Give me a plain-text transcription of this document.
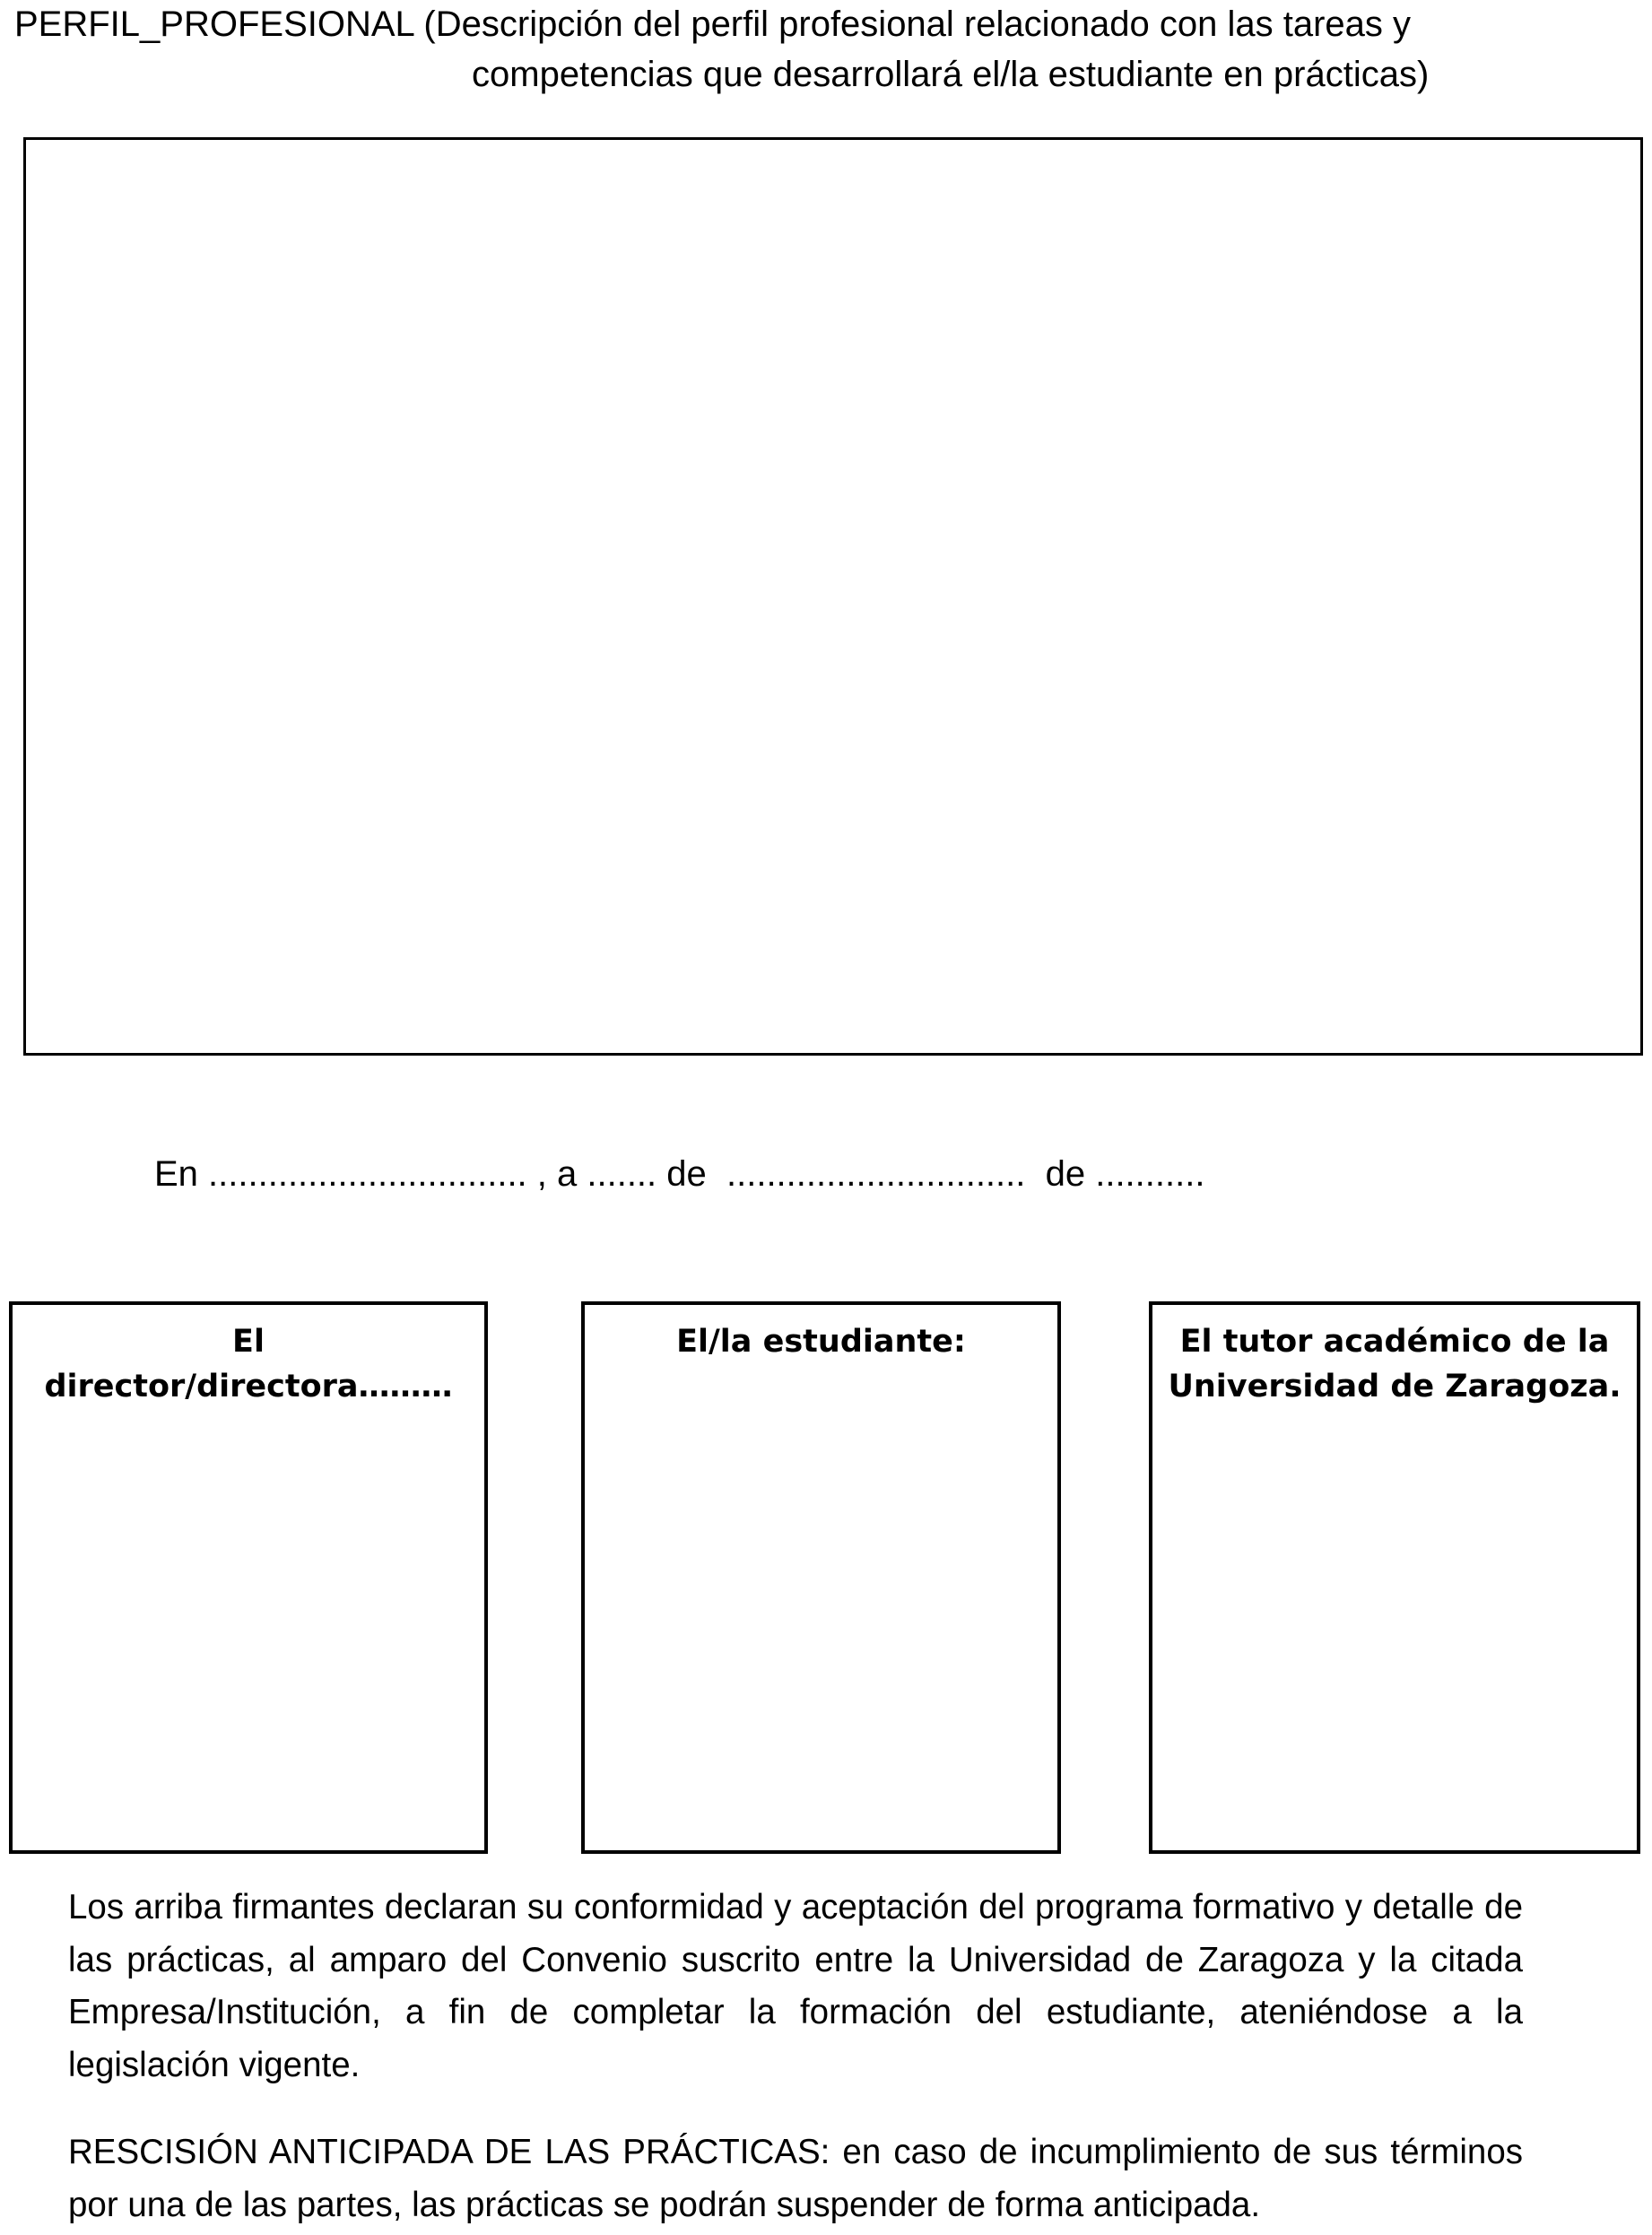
PERFIL_PROFESIONAL (Descripción del perfil profesional relacionado con las tareas y
competencias que desarrollará el/la estudiante en prácticas)
En ................................ , a ....... de  ..............................  de ...........
El
director/directora………
El/la estudiante:	El tutor académico de la
Universidad de Zaragoza.

Los arriba firmantes declaran su conformidad y aceptación del programa formativo y detalle de las prácticas, al amparo del Convenio suscrito entre la Universidad de Zaragoza y la citada Empresa/Institución, a fin de completar la formación del estudiante, ateniéndose a la legislación vigente.

RESCISIÓN ANTICIPADA DE LAS PRÁCTICAS: en caso de incumplimiento de sus términos por una de las partes, las prácticas se podrán suspender de forma anticipada.
